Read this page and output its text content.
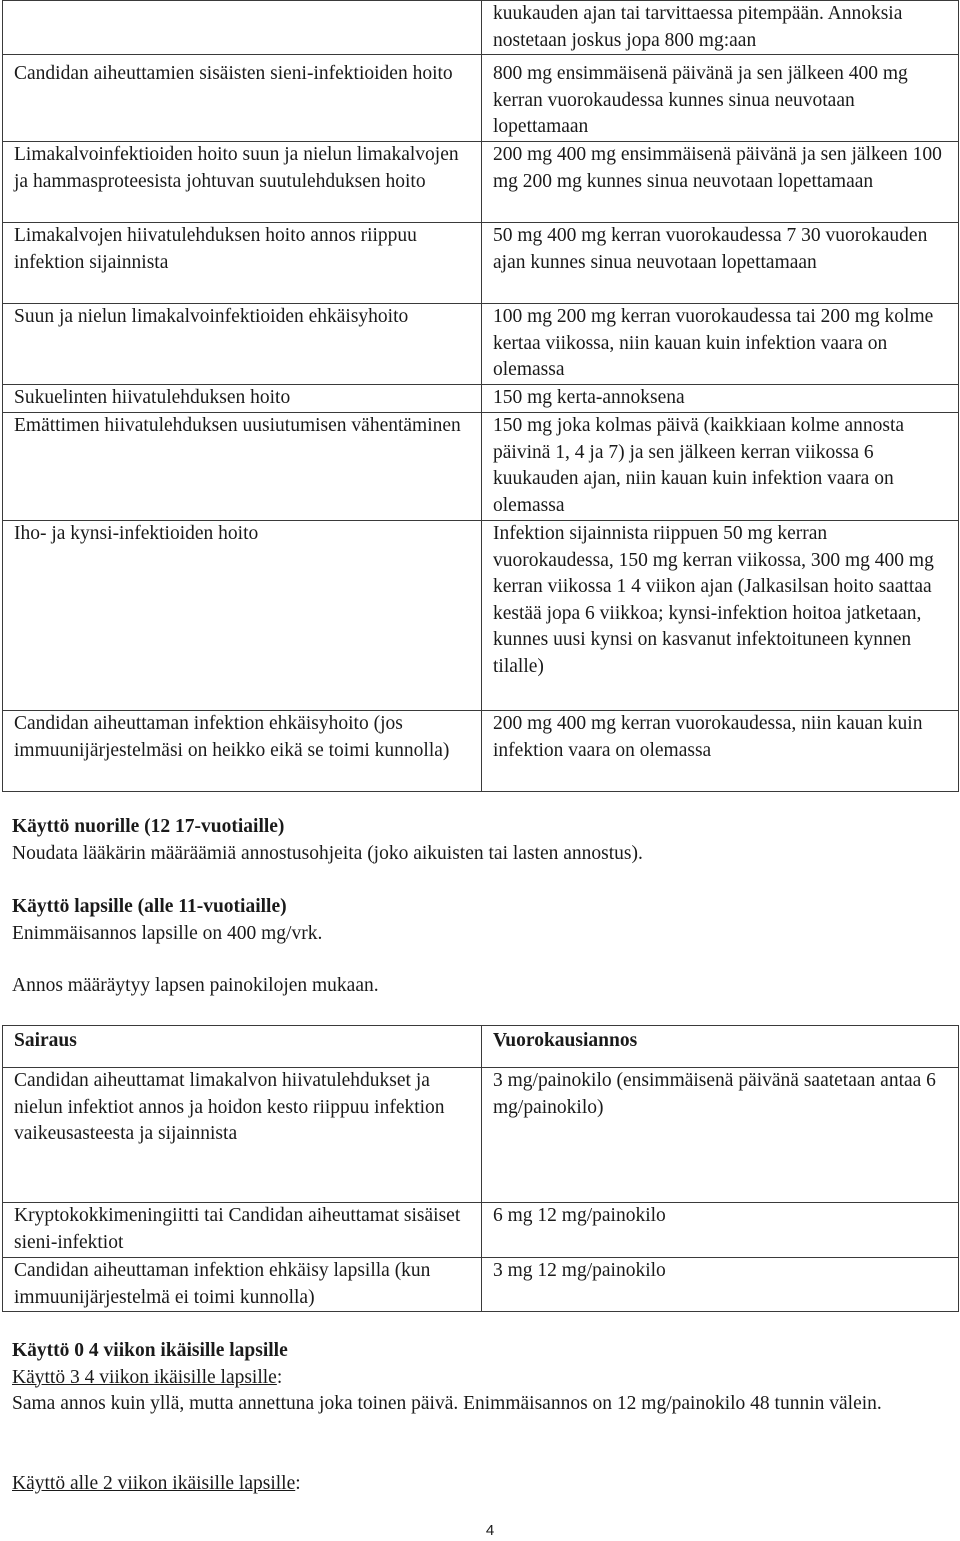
	kuukauden ajan tai tarvittaessa pitempään. Annoksia nostetaan joskus jopa 800 mg:aan
Candidan aiheuttamien sisäisten sieni-infektioiden hoito	800 mg ensimmäisenä päivänä ja sen jälkeen 400 mg kerran vuorokaudessa kunnes sinua neuvotaan lopettamaan
Limakalvoinfektioiden hoito suun ja nielun limakalvojen ja hammasproteesista johtuvan suutulehduksen hoito	200 mg 400 mg ensimmäisenä päivänä ja sen jälkeen 100 mg 200 mg kunnes sinua neuvotaan lopettamaan
Limakalvojen hiivatulehduksen hoito annos riippuu infektion sijainnista	50 mg 400 mg kerran vuorokaudessa 7 30 vuorokauden ajan kunnes sinua neuvotaan lopettamaan
Suun ja nielun limakalvoinfektioiden ehkäisyhoito	100 mg 200 mg kerran vuorokaudessa tai 200 mg kolme kertaa viikossa, niin kauan kuin infektion vaara on olemassa
Sukuelinten hiivatulehduksen hoito	150 mg kerta-annoksena
Emättimen hiivatulehduksen uusiutumisen vähentäminen	150 mg joka kolmas päivä (kaikkiaan kolme annosta päivinä 1, 4 ja 7) ja sen jälkeen kerran viikossa 6 kuukauden ajan, niin kauan kuin infektion vaara on olemassa
Iho- ja kynsi-infektioiden hoito	Infektion sijainnista riippuen 50 mg kerran vuorokaudessa, 150 mg kerran viikossa, 300 mg 400 mg kerran viikossa 1 4 viikon ajan (Jalkasilsan hoito saattaa kestää jopa 6 viikkoa; kynsi-infektion hoitoa jatketaan, kunnes uusi kynsi on kasvanut infektoituneen kynnen tilalle)
Candidan aiheuttaman infektion ehkäisyhoito (jos immuunijärjestelmäsi on heikko eikä se toimi kunnolla)	200 mg 400 mg kerran vuorokaudessa, niin kauan kuin infektion vaara on olemassa

Käyttö nuorille (12 17-vuotiaille)

Noudata lääkärin määräämiä annostusohjeita (joko aikuisten tai lasten annostus).

Käyttö lapsille (alle 11-vuotiaille)

Enimmäisannos lapsille on 400 mg/vrk.

Annos määräytyy lapsen painokilojen mukaan.

Sairaus	Vuorokausiannos
Candidan aiheuttamat limakalvon hiivatulehdukset ja nielun infektiot annos ja hoidon kesto riippuu infektion vaikeusasteesta ja sijainnista	3 mg/painokilo (ensimmäisenä päivänä saatetaan antaa 6 mg/painokilo)
Kryptokokkimeningiitti tai Candidan aiheuttamat sisäiset sieni-infektiot	6 mg 12 mg/painokilo
Candidan aiheuttaman infektion ehkäisy lapsilla (kun immuunijärjestelmä ei toimi kunnolla)	3 mg 12 mg/painokilo

Käyttö 0 4 viikon ikäisille lapsille

Käyttö 3 4 viikon ikäisille lapsille:

Sama annos kuin yllä, mutta annettuna joka toinen päivä. Enimmäisannos on 12 mg/painokilo 48 tunnin välein.

Käyttö alle 2 viikon ikäisille lapsille:

4
